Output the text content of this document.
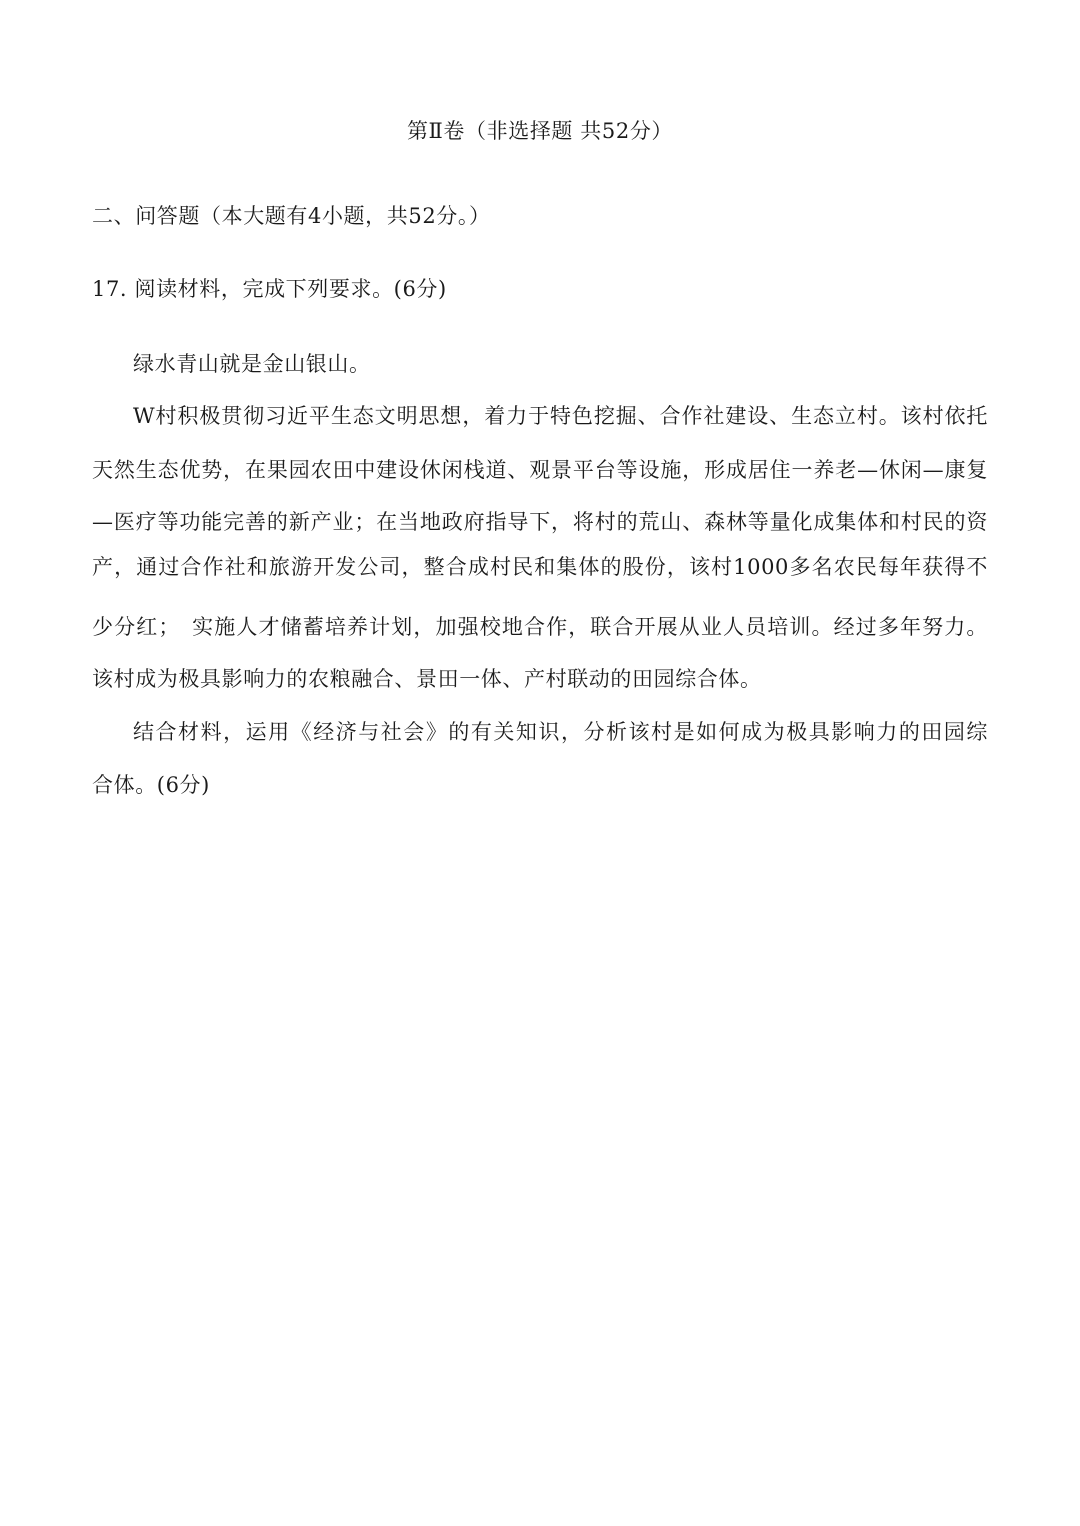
第Ⅱ卷（非选择题 共52分）
二、问答题（本大题有4小题，共52分。）
17. 阅读材料，完成下列要求。(6分)
绿水青山就是金山银山。
W村积极贯彻习近平生态文明思想，着力于特色挖掘、合作社建设、生态立村。该村依托
天然生态优势，在果园农田中建设休闲栈道、观景平台等设施，形成居住一养老—休闲—康复
—医疗等功能完善的新产业；在当地政府指导下，将村的荒山、森林等量化成集体和村民的资
产，通过合作社和旅游开发公司，整合成村民和集体的股份，该村1000多名农民每年获得不
少分红；　实施人才储蓄培养计划，加强校地合作，联合开展从业人员培训。经过多年努力。
该村成为极具影响力的农粮融合、景田一体、产村联动的田园综合体。
结合材料，运用《经济与社会》的有关知识，分析该村是如何成为极具影响力的田园综
合体。(6分)
